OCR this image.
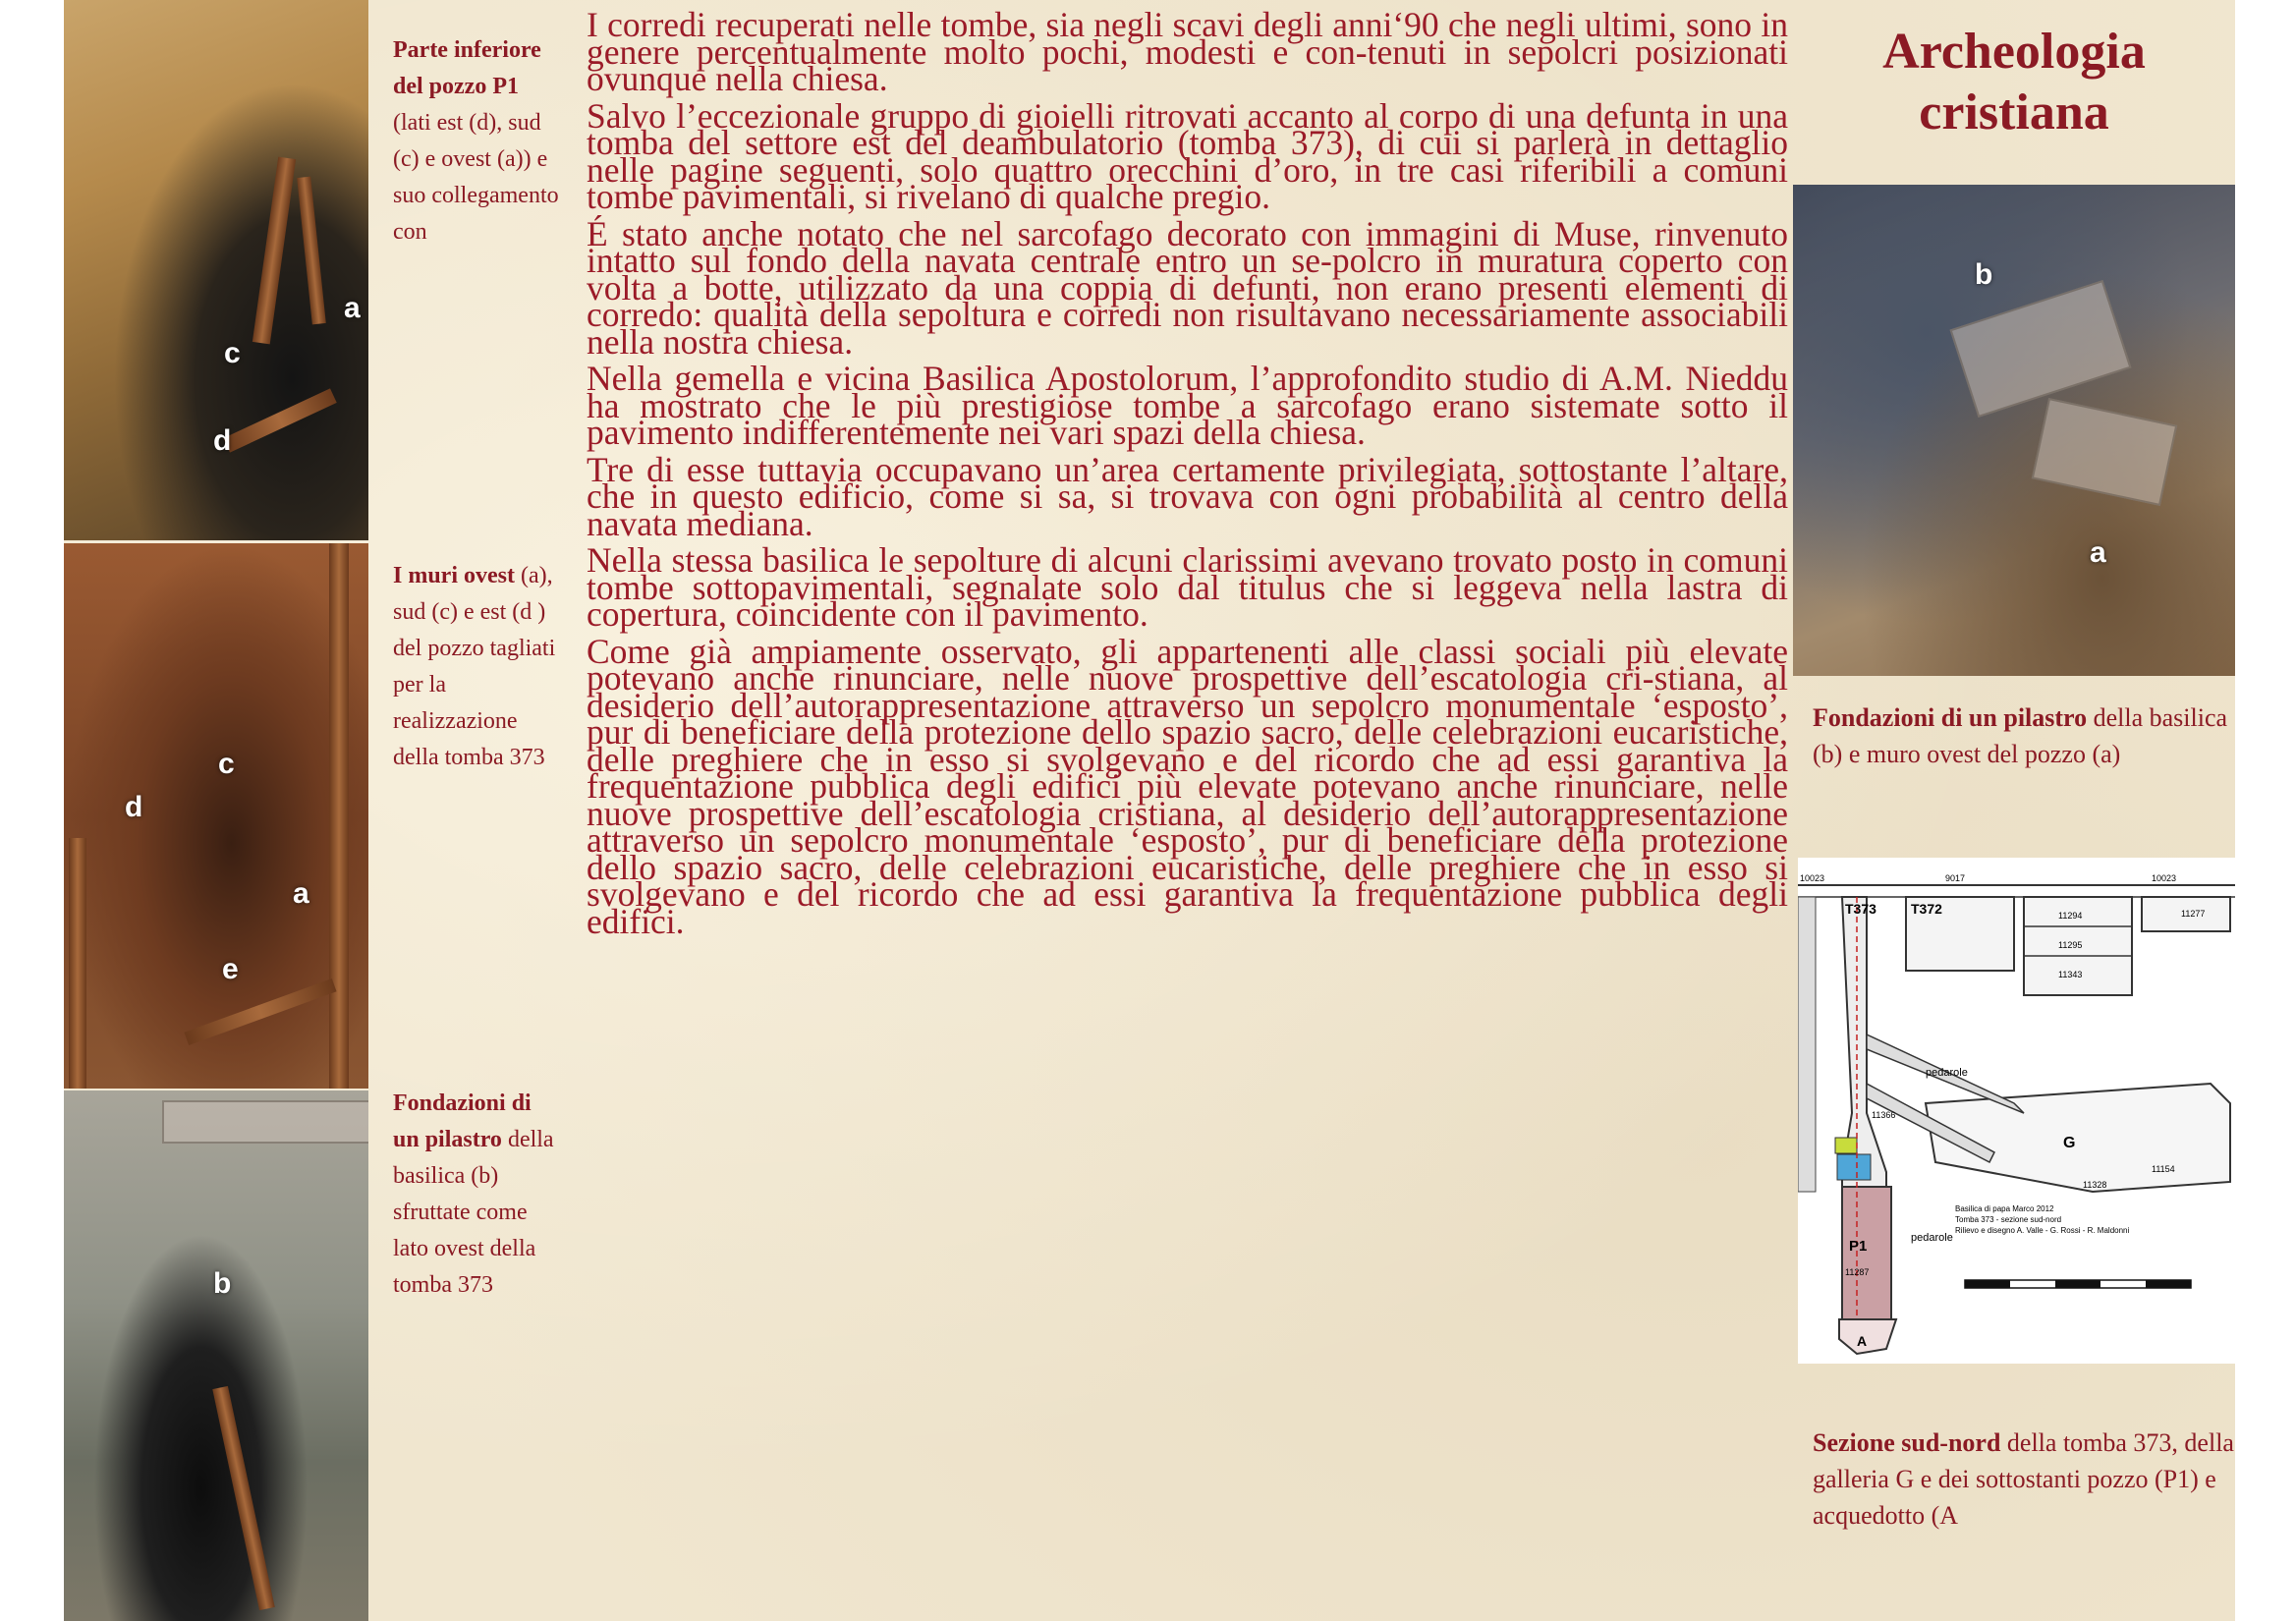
a
c
d
c
d
a
e
b
Parte inferiore del pozzo P1 (lati est (d), sud (c) e ovest (a)) e suo collegamento con
I muri ovest (a), sud (c) e est (d ) del pozzo tagliati per la realizzazione della tomba 373
Fondazioni di un pilastro della basilica (b) sfruttate come lato ovest della tomba 373

I corredi recuperati nelle tombe, sia negli scavi degli anni‘90 che negli ultimi, sono in genere percentualmente molto pochi, modesti e con-tenuti in sepolcri posizionati ovunque nella chiesa.

Salvo l’eccezionale gruppo di gioielli ritrovati accanto al corpo di una defunta in una tomba del settore est del deambulatorio (tomba 373), di cui si parlerà in dettaglio nelle pagine seguenti, solo quattro orecchini d’oro, in tre casi riferibili a comuni tombe pavimentali, si rivelano di qualche pregio.

É stato anche notato che nel sarcofago decorato con immagini di Muse, rinvenuto intatto sul fondo della navata centrale entro un se-polcro in muratura coperto con volta a botte, utilizzato da una coppia di defunti, non erano presenti elementi di corredo: qualità della sepoltura e corredi non risultavano necessariamente associabili nella nostra chiesa.

Nella gemella e vicina Basilica Apostolorum, l’approfondito studio di A.M. Nieddu ha mostrato che le più prestigiose tombe a sarcofago erano sistemate sotto il pavimento indifferentemente nei vari spazi della chiesa.

Tre di esse tuttavia occupavano un’area certamente privilegiata, sottostante l’altare, che in questo edificio, come si sa, si trovava con ogni probabilità al centro della navata mediana.

Nella stessa basilica le sepolture di alcuni clarissimi avevano trovato posto in comuni tombe sottopavimentali, segnalate solo dal titulus che si leggeva nella lastra di copertura, coincidente con il pavimento.

Come già ampiamente osservato, gli appartenenti alle classi sociali più elevate potevano anche rinunciare, nelle nuove prospettive dell’escatologia cri-stiana, al desiderio dell’autorappresentazione attraverso un sepolcro monumentale ‘esposto’, pur di beneficiare della protezione dello spazio sacro, delle celebrazioni eucaristiche, delle preghiere che in esso si svolgevano e del ricordo che ad essi garantiva la frequentazione pubblica degli edifici più elevate potevano anche rinunciare, nelle nuove prospettive dell’escatologia cristiana, al desiderio dell’autorappresentazione attraverso un sepolcro monumentale ‘esposto’, pur di beneficiare della protezione dello spazio sacro, delle celebrazioni eucaristiche, delle preghiere che in esso si svolgevano e del ricordo che ad essi garantiva la frequentazione pubblica degli edifici.

Archeologia
cristiana
b
a
Fondazioni di un pilastro della basilica (b) e muro ovest del pozzo (a)
T373	T372
G
P1
A
pedarole
pedarole
10023	9017	10023
11277
11294
11295
11343
11328
11287
11154
11366
Basilica di papa Marco 2012
Tomba 373 - sezione sud-nord
Rilievo e disegno A. Valle - G. Rossi - R. Maldonni
Sezione sud-nord della tomba 373, della galleria G e dei sottostanti pozzo (P1) e acquedotto (A
